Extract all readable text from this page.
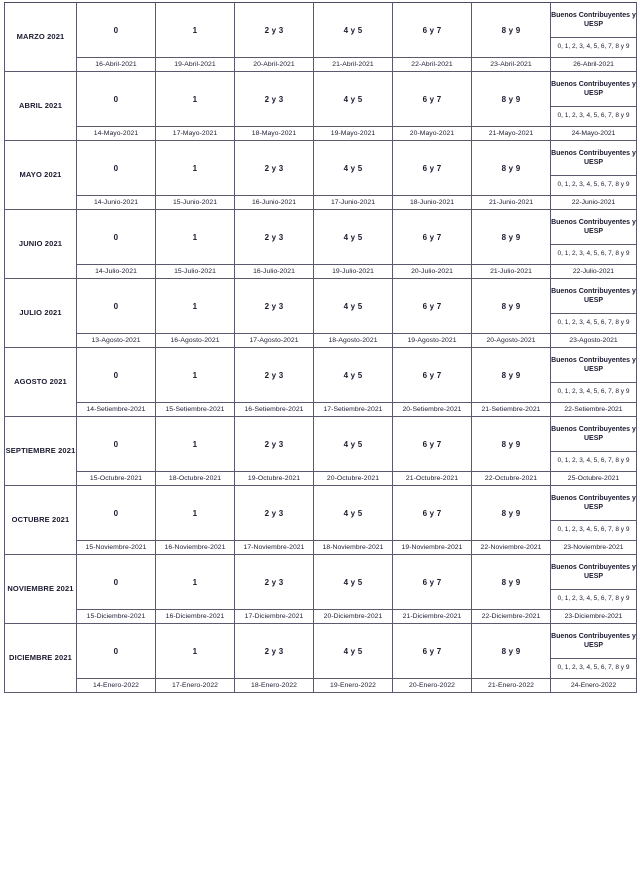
MARZO 2021	0	1	2 y 3	4 y 5	6 y 7	8 y 9	Buenos Contribuyentes y UESP
							0, 1, 2, 3, 4, 5, 6, 7, 8 y 9
	16-Abril-2021	19-Abril-2021	20-Abril-2021	21-Abril-2021	22-Abril-2021	23-Abril-2021	26-Abril-2021
ABRIL 2021	0	1	2 y 3	4 y 5	6 y 7	8 y 9	Buenos Contribuyentes y UESP
							0, 1, 2, 3, 4, 5, 6, 7, 8 y 9
	14-Mayo-2021	17-Mayo-2021	18-Mayo-2021	19-Mayo-2021	20-Mayo-2021	21-Mayo-2021	24-Mayo-2021
MAYO 2021	0	1	2 y 3	4 y 5	6 y 7	8 y 9	Buenos Contribuyentes y UESP
							0, 1, 2, 3, 4, 5, 6, 7, 8 y 9
	14-Junio-2021	15-Junio-2021	16-Junio-2021	17-Junio-2021	18-Junio-2021	21-Junio-2021	22-Junio-2021
JUNIO 2021	0	1	2 y 3	4 y 5	6 y 7	8 y 9	Buenos Contribuyentes y UESP
							0, 1, 2, 3, 4, 5, 6, 7, 8 y 9
	14-Julio-2021	15-Julio-2021	16-Julio-2021	19-Julio-2021	20-Julio-2021	21-Julio-2021	22-Julio-2021
JULIO 2021	0	1	2 y 3	4 y 5	6 y 7	8 y 9	Buenos Contribuyentes y UESP
							0, 1, 2, 3, 4, 5, 6, 7, 8 y 9
	13-Agosto-2021	16-Agosto-2021	17-Agosto-2021	18-Agosto-2021	19-Agosto-2021	20-Agosto-2021	23-Agosto-2021
AGOSTO 2021	0	1	2 y 3	4 y 5	6 y 7	8 y 9	Buenos Contribuyentes y UESP
							0, 1, 2, 3, 4, 5, 6, 7, 8 y 9
	14-Setiembre-2021	15-Setiembre-2021	16-Setiembre-2021	17-Setiembre-2021	20-Setiembre-2021	21-Setiembre-2021	22-Setiembre-2021
SEPTIEMBRE 2021	0	1	2 y 3	4 y 5	6 y 7	8 y 9	Buenos Contribuyentes y UESP
							0, 1, 2, 3, 4, 5, 6, 7, 8 y 9
	15-Octubre-2021	18-Octubre-2021	19-Octubre-2021	20-Octubre-2021	21-Octubre-2021	22-Octubre-2021	25-Octubre-2021
OCTUBRE 2021	0	1	2 y 3	4 y 5	6 y 7	8 y 9	Buenos Contribuyentes y UESP
							0, 1, 2, 3, 4, 5, 6, 7, 8 y 9
	15-Noviembre-2021	16-Noviembre-2021	17-Noviembre-2021	18-Noviembre-2021	19-Noviembre-2021	22-Noviembre-2021	23-Noviembre-2021
NOVIEMBRE 2021	0	1	2 y 3	4 y 5	6 y 7	8 y 9	Buenos Contribuyentes y UESP
							0, 1, 2, 3, 4, 5, 6, 7, 8 y 9
	15-Diciembre-2021	16-Diciembre-2021	17-Diciembre-2021	20-Diciembre-2021	21-Diciembre-2021	22-Diciembre-2021	23-Diciembre-2021
DICIEMBRE 2021	0	1	2 y 3	4 y 5	6 y 7	8 y 9	Buenos Contribuyentes y UESP
							0, 1, 2, 3, 4, 5, 6, 7, 8 y 9
	14-Enero-2022	17-Enero-2022	18-Enero-2022	19-Enero-2022	20-Enero-2022	21-Enero-2022	24-Enero-2022
